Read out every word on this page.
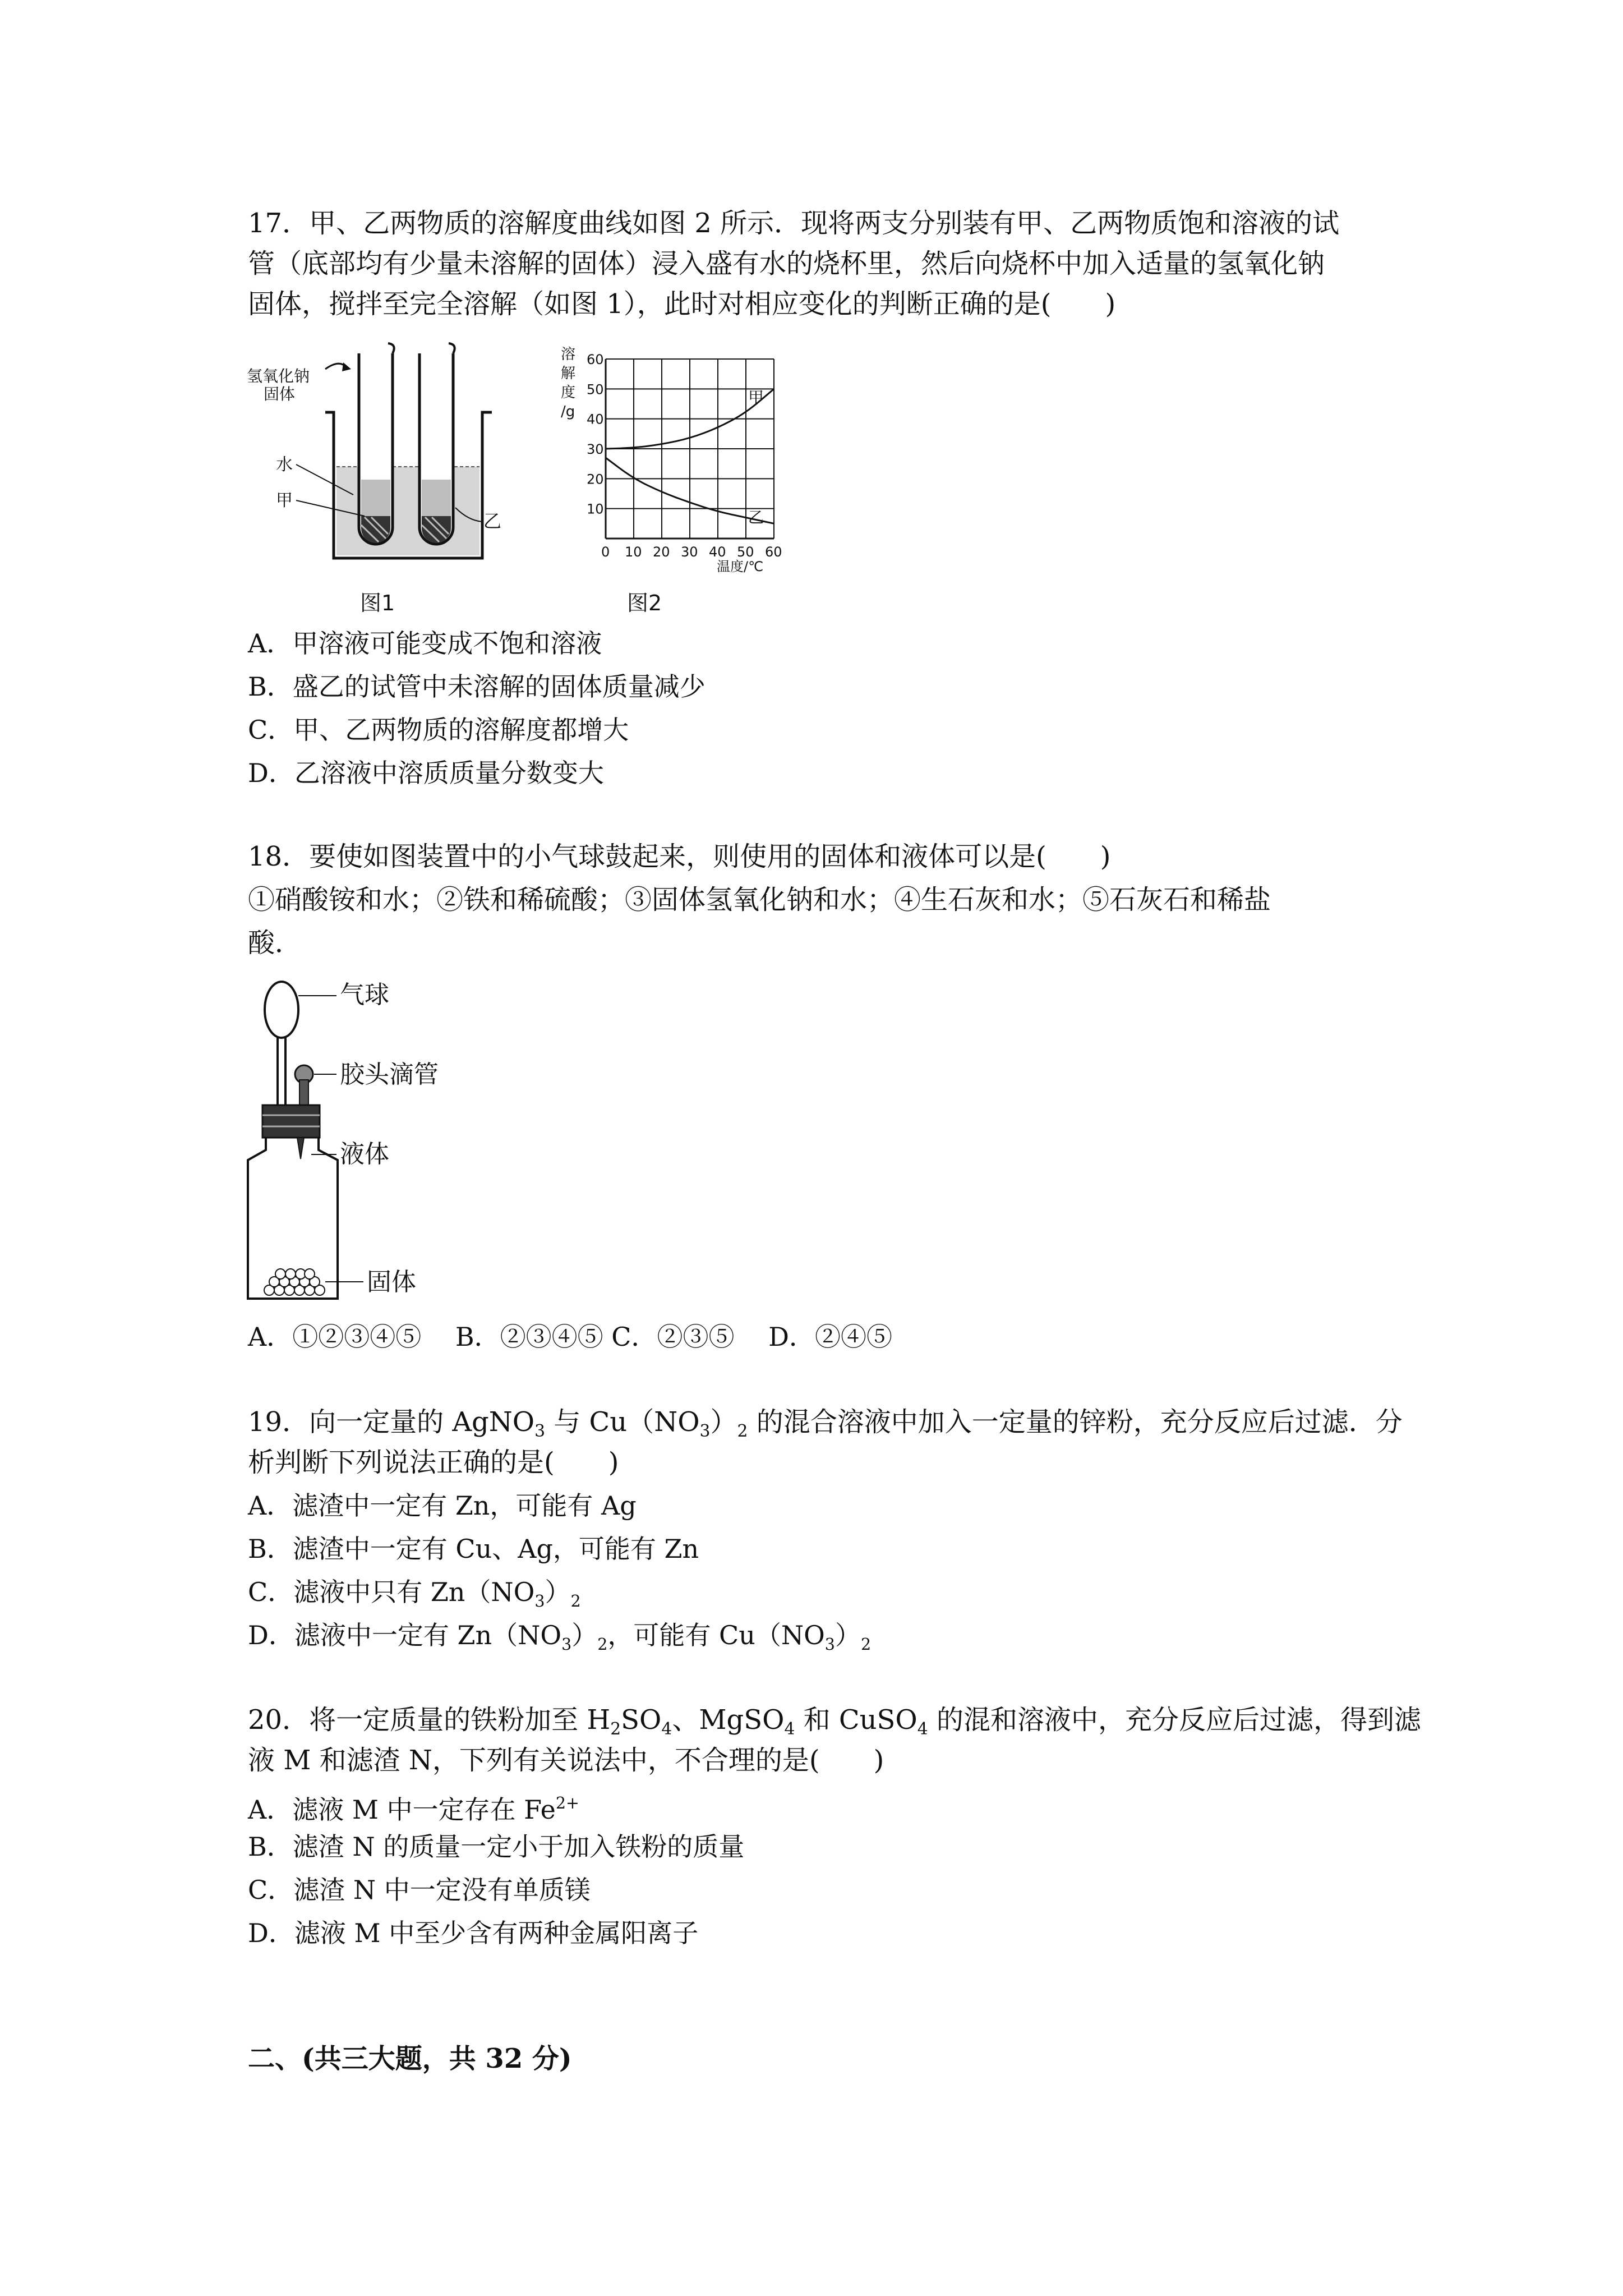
17．甲、乙两物质的溶解度曲线如图 2 所示．现将两支分别装有甲、乙两物质饱和溶液的试
管（底部均有少量未溶解的固体）浸入盛有水的烧杯里，然后向烧杯中加入适量的氢氧化钠
固体，搅拌至完全溶解（如图 1），此时对相应变化的判断正确的是(　　)
氢氧化钠
固体
水
甲
乙
图1
溶
解
度
/g
甲
乙
0 10 20 30 40 50 60
10
20
30
40
50
60
温度/℃
图2
A．甲溶液可能变成不饱和溶液
B．盛乙的试管中未溶解的固体质量减少
C．甲、乙两物质的溶解度都增大
D．乙溶液中溶质质量分数变大
18．要使如图装置中的小气球鼓起来，则使用的固体和液体可以是(　　)
①硝酸铵和水；②铁和稀硫酸；③固体氢氧化钠和水；④生石灰和水；⑤石灰石和稀盐
酸．
气球
胶头滴管
液体
固体
A．①②③④⑤　 B．②③④⑤ C．②③⑤　 D．②④⑤
19．向一定量的 AgNO$_3$ 与 $Cu(NO_3)_2$ 的混合溶液中加入一定量的锌粉，充分反应后过滤．分
析判断下列说法正确的是(　　)
A．滤渣中一定有 Zn，可能有 Ag
B．滤渣中一定有 Cu、Ag，可能有 Zn
C．滤液中只有 $Zn(NO_3)_2$
D．滤液中一定有 $Zn(NO_3)_2$，可能有 $Cu(NO_3)_2$
20．将一定质量的铁粉加至 $H_2SO_4$、MgSO$_4$ 和 CuSO$_4$ 的混和溶液中，充分反应后过滤，得到滤
液 M 和滤渣 N，下列有关说法中，不合理的是(　　)
A．滤液 M 中一定存在 $Fe^{2+}$
B．滤渣 N 的质量一定小于加入铁粉的质量
C．滤渣 N 中一定没有单质镁
D．滤液 M 中至少含有两种金属阳离子
二、(共三大题，共 32 分)
